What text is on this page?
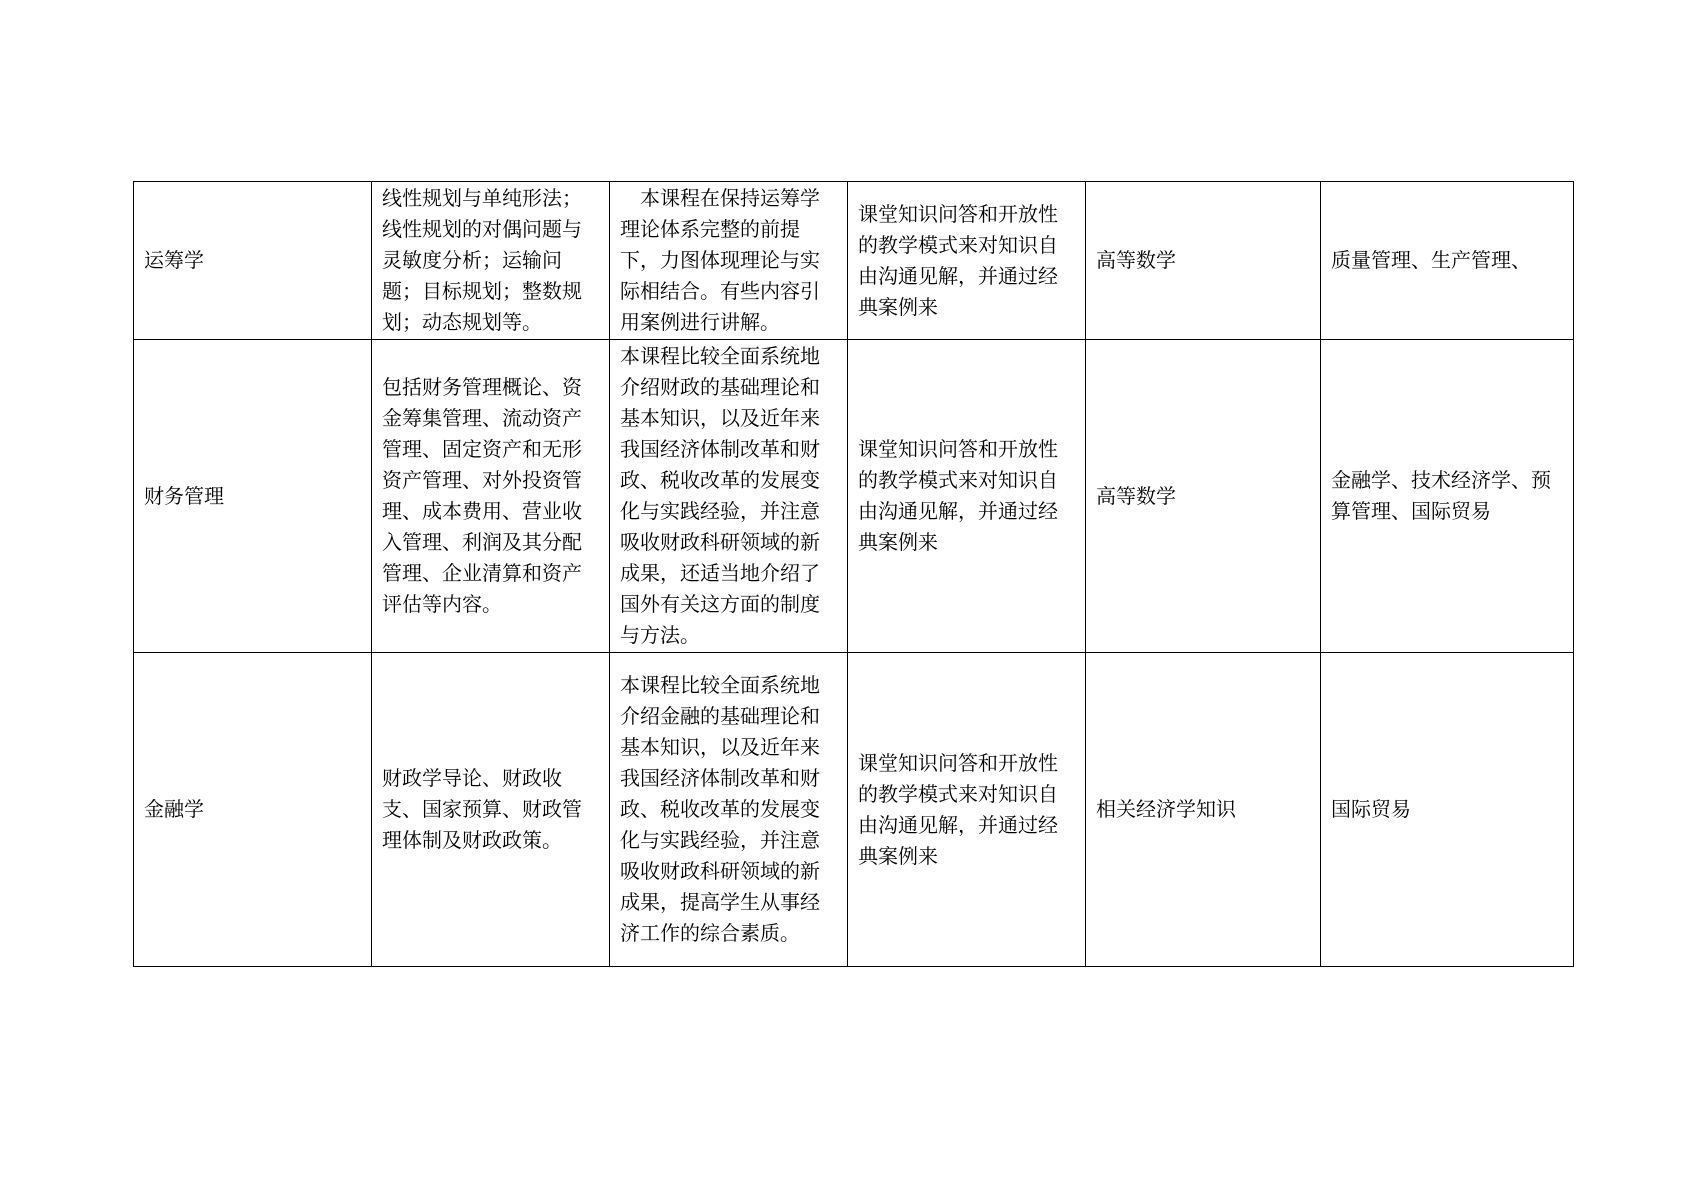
运筹学	线性规划与单纯形法；线性规划的对偶问题与灵敏度分析；运输问题；目标规划；整数规划；动态规划等。	　本课程在保持运筹学理论体系完整的前提下，力图体现理论与实际相结合。有些内容引用案例进行讲解。	课堂知识问答和开放性的教学模式来对知识自由沟通见解，并通过经典案例来	高等数学	质量管理、生产管理、

财务管理	包括财务管理概论、资金筹集管理、流动资产管理、固定资产和无形资产管理、对外投资管理、成本费用、营业收入管理、利润及其分配管理、企业清算和资产评估等内容。	本课程比较全面系统地介绍财政的基础理论和基本知识，以及近年来我国经济体制改革和财政、税收改革的发展变化与实践经验，并注意吸收财政科研领域的新成果，还适当地介绍了国外有关这方面的制度与方法。	课堂知识问答和开放性的教学模式来对知识自由沟通见解，并通过经典案例来	高等数学	金融学、技术经济学、预算管理、国际贸易

金融学	财政学导论、财政收支、国家预算、财政管理体制及财政政策。	本课程比较全面系统地介绍金融的基础理论和基本知识，以及近年来我国经济体制改革和财政、税收改革的发展变化与实践经验，并注意吸收财政科研领域的新成果，提高学生从事经济工作的综合素质。	课堂知识问答和开放性的教学模式来对知识自由沟通见解，并通过经典案例来	相关经济学知识	国际贸易
